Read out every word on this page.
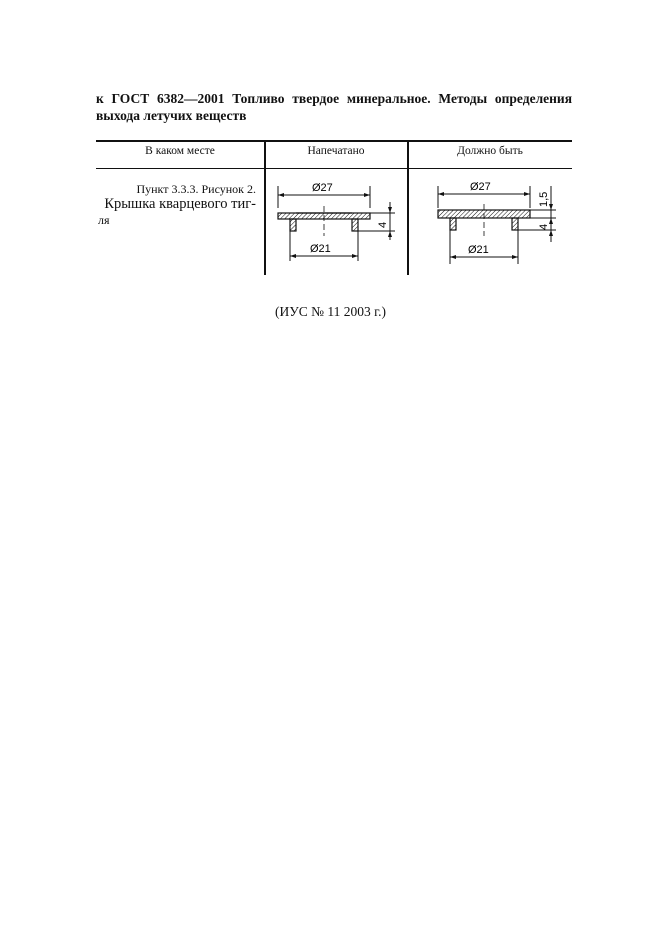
к ГОСТ 6382—2001 Топливо твердое минеральное. Методы определения выхода летучих веществ
В каком месте	Напечатано	Должно быть
Пункт 3.3.3. Рисунок 2.
Крышка кварцевого тиг-
ля
Ø27
Ø21
4
Ø27
Ø21
1,5
4
(ИУС № 11 2003 г.)
